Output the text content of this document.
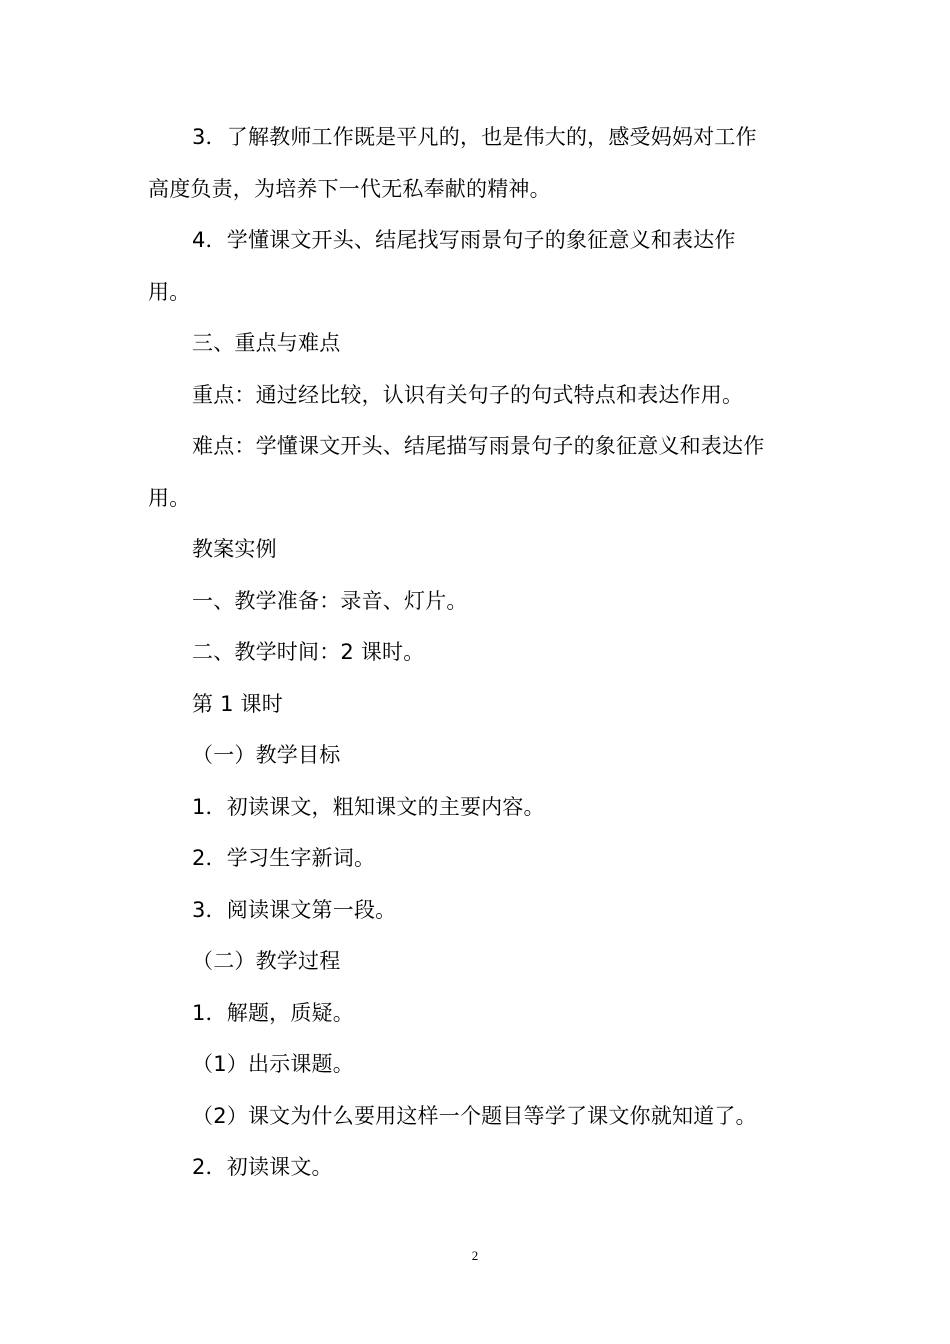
3．了解教师工作既是平凡的，也是伟大的，感受妈妈对工作

高度负责，为培养下一代无私奉献的精神。

4．学懂课文开头、结尾找写雨景句子的象征意义和表达作

用。

三、重点与难点

重点：通过经比较，认识有关句子的句式特点和表达作用。

难点：学懂课文开头、结尾描写雨景句子的象征意义和表达作

用。

教案实例

一、教学准备：录音、灯片。

二、教学时间：2 课时。

第 1 课时

（一）教学目标

1．初读课文，粗知课文的主要内容。

2．学习生字新词。

3．阅读课文第一段。

（二）教学过程

1．解题，质疑。

（1）出示课题。

（2）课文为什么要用这样一个题目等学了课文你就知道了。

2．初读课文。

2
